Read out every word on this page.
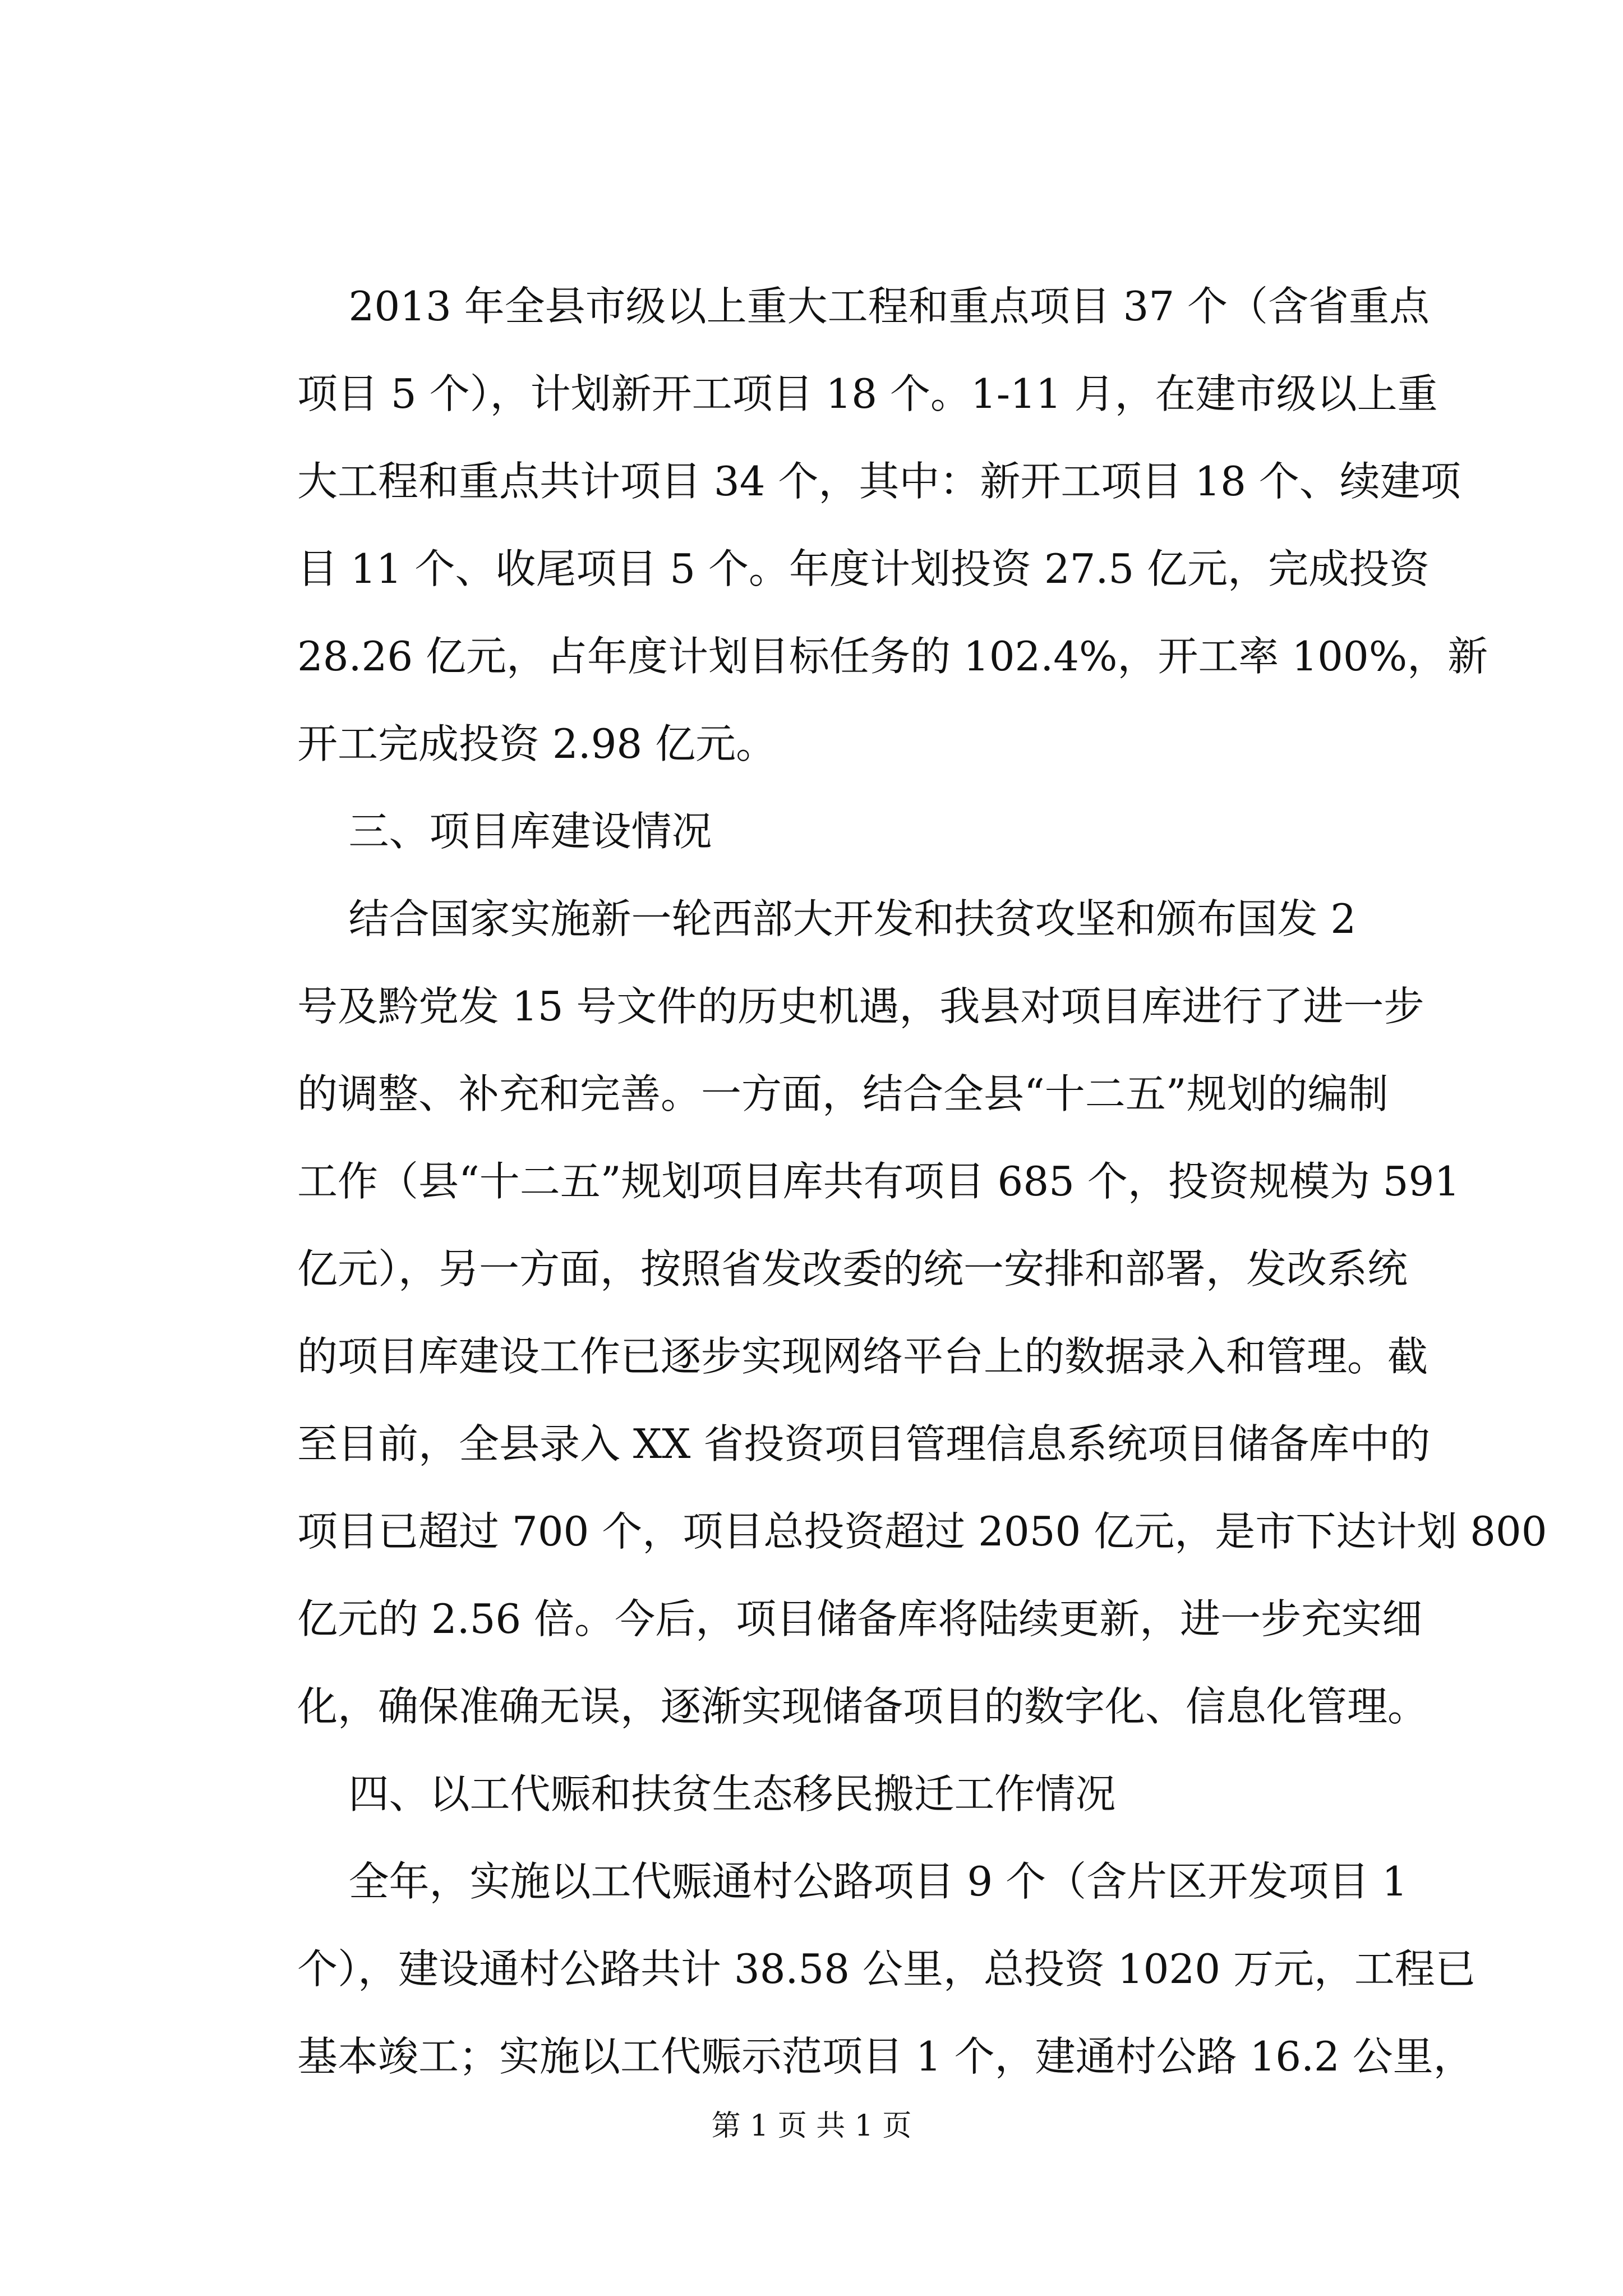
2013 年全县市级以上重大工程和重点项目 37 个（含省重点
项目 5 个），计划新开工项目 18 个。1-11 月，在建市级以上重
大工程和重点共计项目 34 个，其中：新开工项目 18 个、续建项
目 11 个、收尾项目 5 个。年度计划投资 27.5 亿元，完成投资
28.26 亿元，占年度计划目标任务的 102.4%，开工率 100%，新
开工完成投资 2.98 亿元。
三、项目库建设情况
结合国家实施新一轮西部大开发和扶贫攻坚和颁布国发 2
号及黔党发 15 号文件的历史机遇，我县对项目库进行了进一步
的调整、补充和完善。一方面，结合全县“十二五”规划的编制
工作（县“十二五”规划项目库共有项目 685 个，投资规模为 591
亿元），另一方面，按照省发改委的统一安排和部署，发改系统
的项目库建设工作已逐步实现网络平台上的数据录入和管理。截
至目前，全县录入 XX 省投资项目管理信息系统项目储备库中的
项目已超过 700 个，项目总投资超过 2050 亿元，是市下达计划 800
亿元的 2.56 倍。今后，项目储备库将陆续更新，进一步充实细
化，确保准确无误，逐渐实现储备项目的数字化、信息化管理。
四、以工代赈和扶贫生态移民搬迁工作情况
全年，实施以工代赈通村公路项目 9 个（含片区开发项目 1
个），建设通村公路共计 38.58 公里，总投资 1020 万元，工程已
基本竣工；实施以工代赈示范项目 1 个，建通村公路 16.2 公里，
第 1 页 共 1 页
